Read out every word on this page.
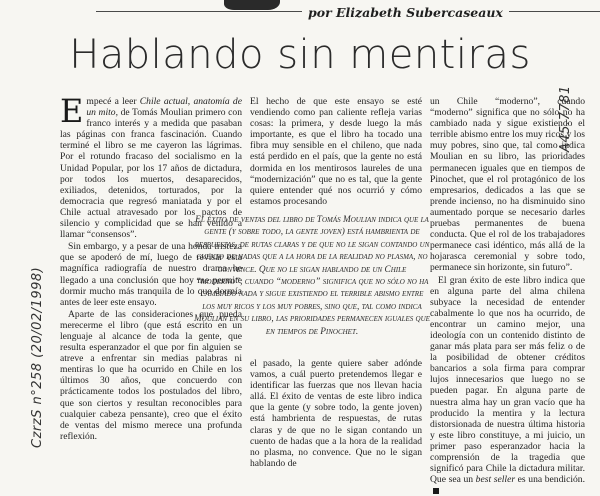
por Elizabeth Subercaseaux
Hablando sin mentiras

Empecé a leer Chile actual, anatomía de un mito, de Tomás Moulian primero con franco interés y a medida que pasaban las páginas con franca fascinación. Cuando terminé el libro se me cayeron las lágrimas. Por el rotundo fracaso del socialismo en la Unidad Popular, por los 17 años de dictadura, por todos los muertos, desaparecidos, exiliados, detenidos, torturados, por la democracia que regresó maniatada y por el Chile actual atravesado por los pactos de silencio y complicidad que se han venido a llamar “consensos”.

Sin embargo, y a pesar de una honda tristeza que se apoderó de mí, luego de revisar esta magnífica radiografía de nuestro drama he llegado a una conclusión que hoy me permite dormir mucho más tranquila de lo que dormía antes de leer este ensayo.

Aparte de las consideraciones que pueda merecerme el libro (que está escrito en un lenguaje al alcance de toda la gente, que resulta esperanzador el que por fin alguien se atreve a enfrentar sin medias palabras ni mentiras lo que ha ocurrido en Chile en los últimos 30 años, que concuerdo con prácticamente todos los postulados del libro, que son ciertos y resultan reconocibles para cualquier cabeza pensante), creo que el éxito de ventas del mismo merece una profunda reflexión.

El hecho de que este ensayo se esté vendiendo como pan caliente refleja varias cosas: la primera, y desde luego la más importante, es que el libro ha tocado una fibra muy sensible en el chileno, que nada está perdido en el país, que la gente no está dormida en los mentirosos laureles de una “modernización” que no es tal, que la gente quiere entender qué nos ocurrió y cómo estamos procesando

El éxito de ventas del libro de Tomás Moulian indica que la gente (y sobre todo, la gente joven) está hambrienta de respuestas, de rutas claras y de que no le sigan contando un cuento de hadas que a la hora de la realidad no plasma, no convence. Que no le sigan hablando de un Chile “moderno”, cuando “moderno” significa que no sólo no ha cambiado nada y sigue existiendo el terrible abismo entre los muy ricos y los muy pobres, sino que, tal como indica Moulian en su libro, las prioridades permanecen iguales que en tiempos de Pinochet.

el pasado, la gente quiere saber adónde vamos, a cuál puerto pretendemos llegar e identificar las fuerzas que nos llevan hacia allá. El éxito de ventas de este libro indica que la gente (y sobre todo, la gente joven) está hambrienta de respuestas, de rutas claras y de que no le sigan contando un cuento de hadas que a la hora de la realidad no plasma, no convence. Que no le sigan hablando de

un Chile “moderno”, cuando “moderno” significa que no sólo no ha cambiado nada y sigue existiendo el terrible abismo entre los muy ricos y los muy pobres, sino que, tal como indica Moulian en su libro, las prioridades permanecen iguales que en tiempos de Pinochet, que el rol protagónico de los empresarios, dedicados a las que se prende incienso, no ha disminuido sino aumentado porque se necesario darles pruebas permanentes de buena conducta. Que el rol de los trabajadores permanece casi idéntico, más allá de la hojarasca ceremonial y sobre todo, permanece sin horizonte, sin futuro”.

El gran éxito de este libro indica que en alguna parte del alma chilena subyace la necesidad de entender cabalmente lo que nos ha ocurrido, de encontrar un camino mejor, una ideología con un contenido distinto de ganar más plata para ser más feliz o de la posibilidad de obtener créditos bancarios a sola firma para comprar lujos innecesarios que luego no se pueden pagar. En alguna parte de nuestra alma hay un gran vacío que ha producido la mentira y la lectura distorsionada de nuestra última historia y este libro constituye, a mi juicio, un primer paso esperanzador hacia la comprensión de la tragedia que significó para Chile la dictadura militar. Que sea un best seller es una bendición.

A45.7781
CzrzS n°258 (20/02/1998)
